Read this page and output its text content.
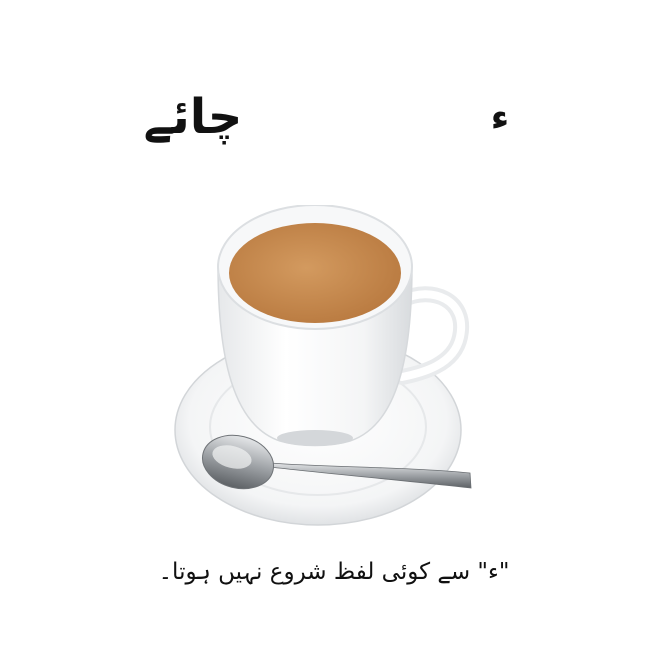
ء
چائے
"ء" سے کوئی لفظ شروع نہیں ہوتا۔
